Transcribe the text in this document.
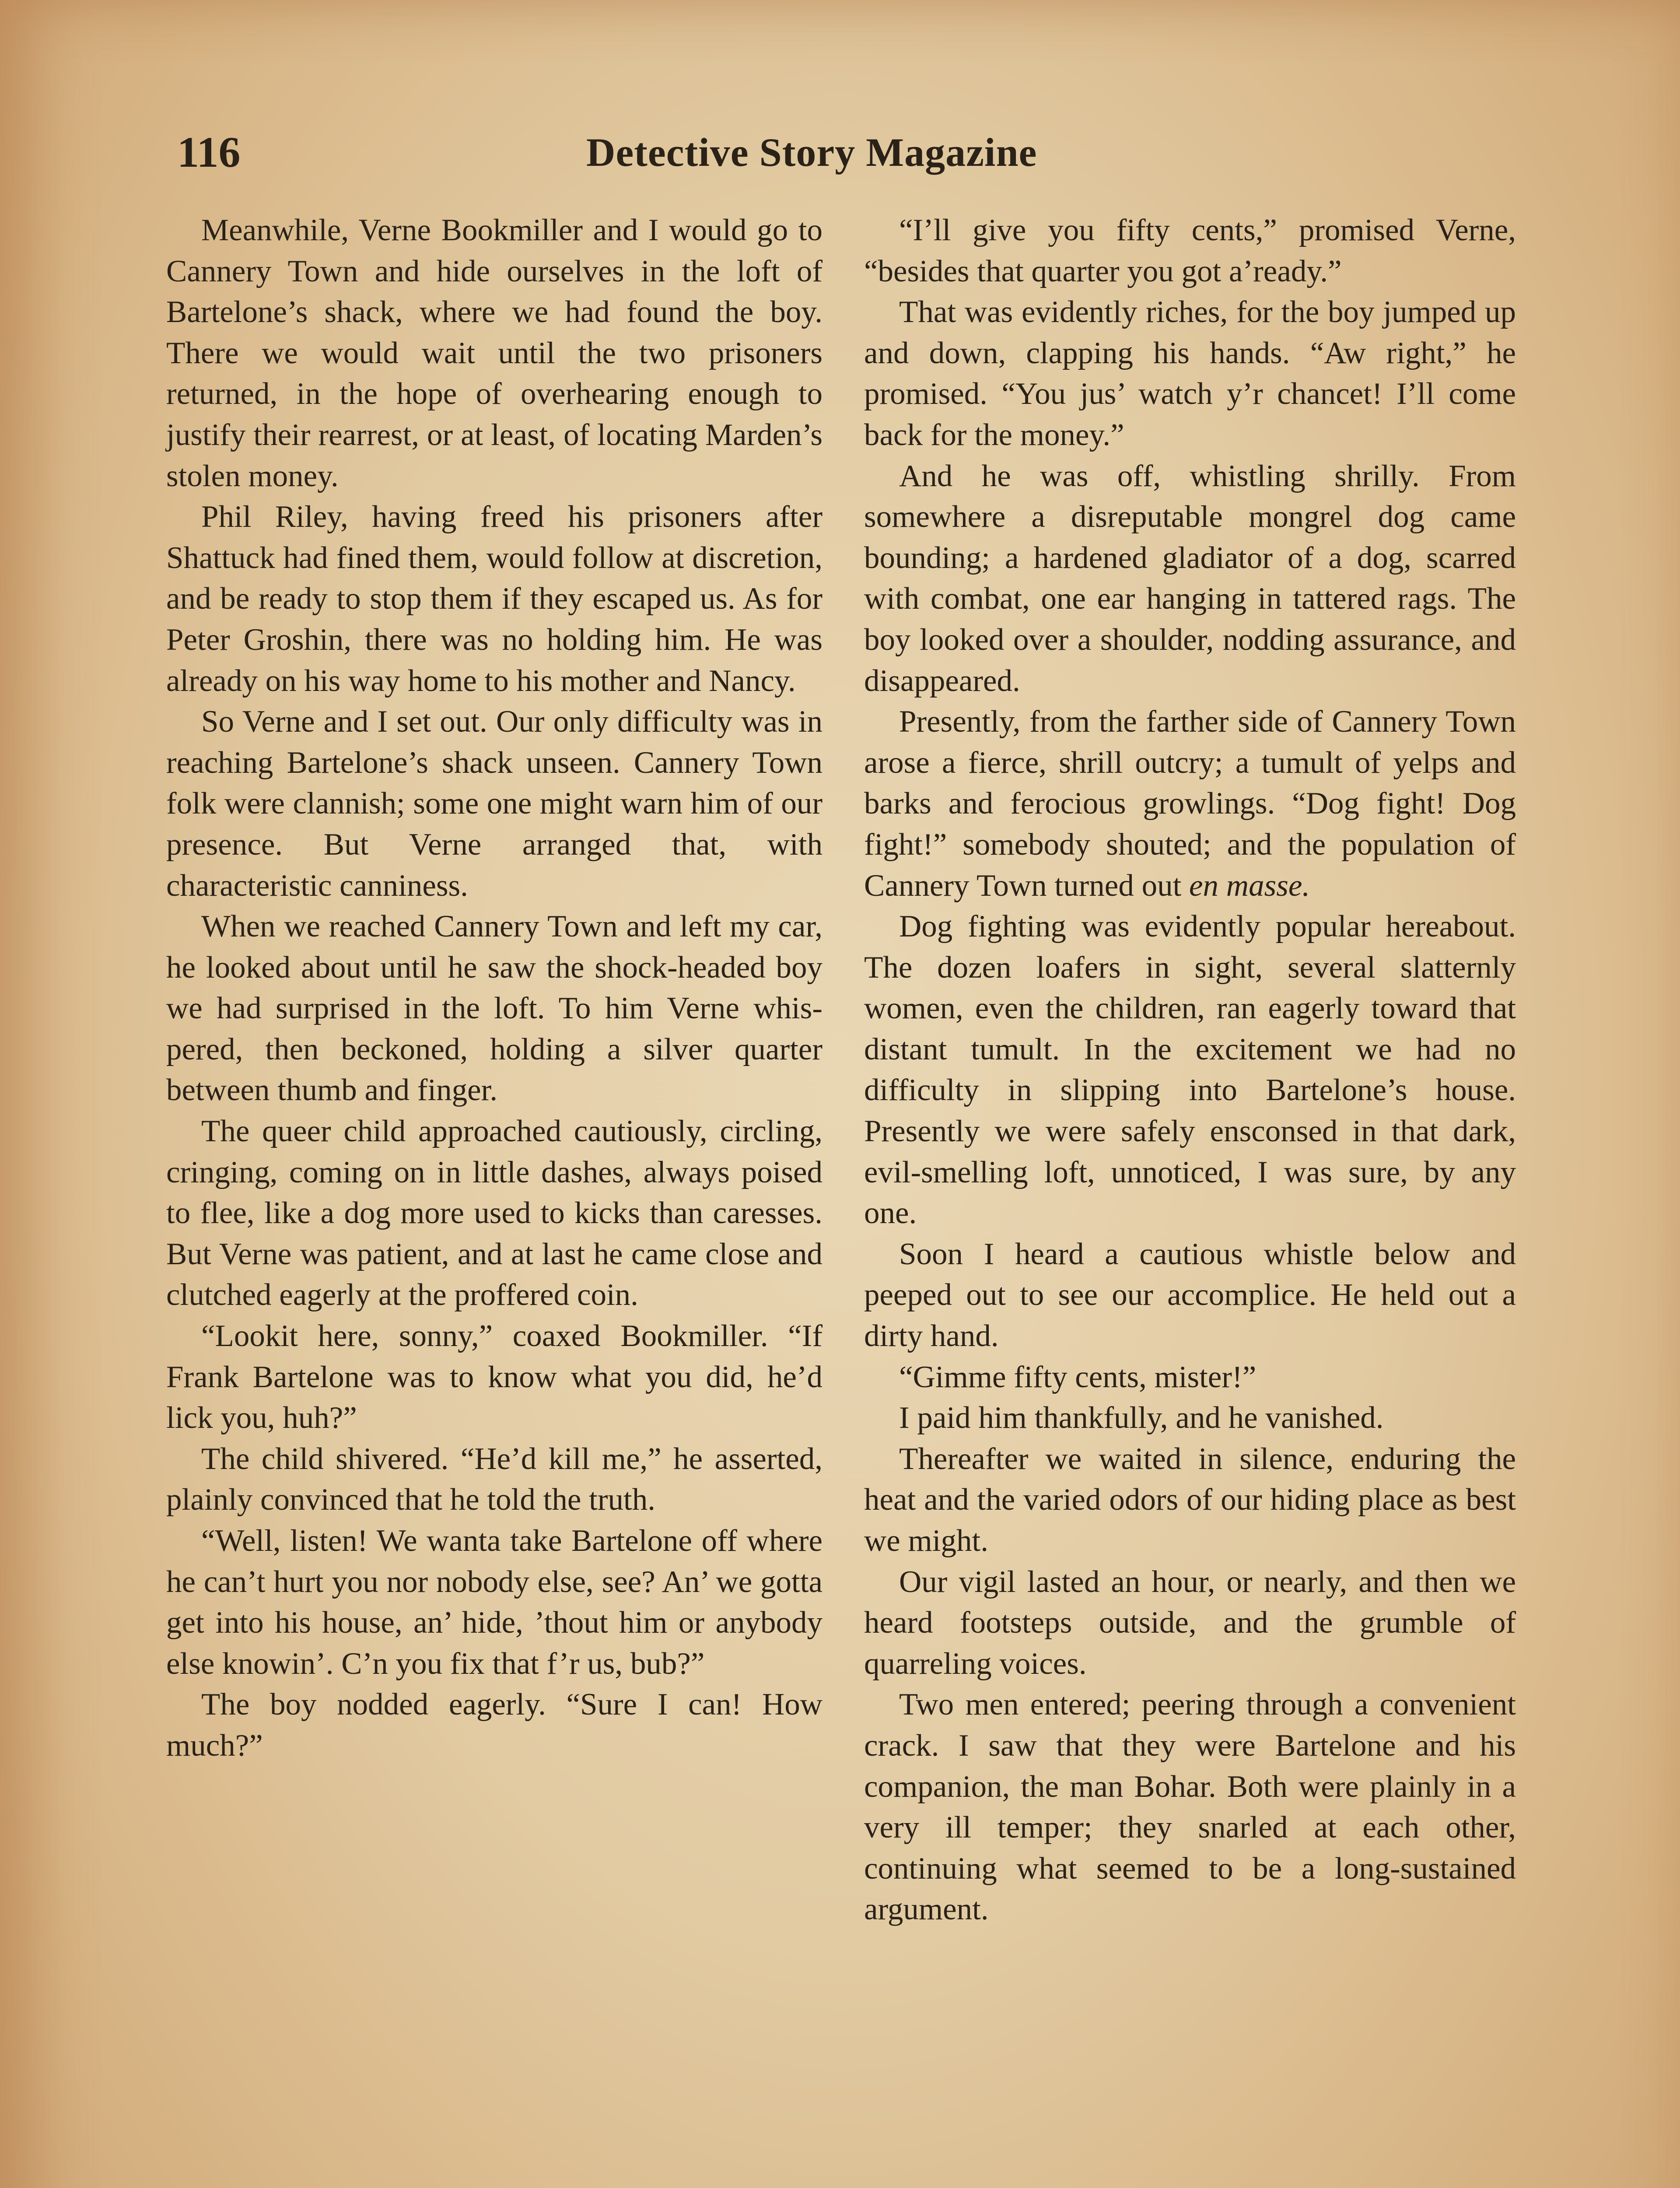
116	Detective Story Magazine

Meanwhile, Verne Bookmiller and I would go to Cannery Town and hide ourselves in the loft of Bartelone’s shack, where we had found the boy. There we would wait until the two prisoners returned, in the hope of overhearing enough to justify their rearrest, or at least, of locating Marden’s stolen money.

Phil Riley, having freed his prisoners after Shattuck had fined them, would follow at discretion, and be ready to stop them if they escaped us. As for Peter Groshin, there was no holding him. He was already on his way home to his mother and Nancy.

So Verne and I set out. Our only difficulty was in reaching Bartelone’s shack unseen. Cannery Town folk were clannish; some one might warn him of our presence. But Verne arranged that, with characteristic canniness.

When we reached Cannery Town and left my car, he looked about until he saw the shock-headed boy we had surprised in the loft. To him Verne whispered, then beckoned, holding a silver quarter between thumb and finger.

The queer child approached cautiously, circling, cringing, coming on in little dashes, always poised to flee, like a dog more used to kicks than caresses. But Verne was patient, and at last he came close and clutched eagerly at the proffered coin.

“Lookit here, sonny,” coaxed Bookmiller. “If Frank Bartelone was to know what you did, he’d lick you, huh?”

The child shivered. “He’d kill me,” he asserted, plainly convinced that he told the truth.

“Well, listen! We wanta take Bartelone off where he can’t hurt you nor nobody else, see? An’ we gotta get into his house, an’ hide, ’thout him or anybody else knowin’. C’n you fix that f’r us, bub?”

The boy nodded eagerly. “Sure I can! How much?”

“I’ll give you fifty cents,” promised Verne, “besides that quarter you got a’ready.”

That was evidently riches, for the boy jumped up and down, clapping his hands. “Aw right,” he promised. “You jus’ watch y’r chancet! I’ll come back for the money.”

And he was off, whistling shrilly. From somewhere a disreputable mongrel dog came bounding; a hardened gladiator of a dog, scarred with combat, one ear hanging in tattered rags. The boy looked over a shoulder, nodding assurance, and disappeared.

Presently, from the farther side of Cannery Town arose a fierce, shrill outcry; a tumult of yelps and barks and ferocious growlings. “Dog fight! Dog fight!” somebody shouted; and the population of Cannery Town turned out en masse.

Dog fighting was evidently popular hereabout. The dozen loafers in sight, several slatternly women, even the children, ran eagerly toward that distant tumult. In the excitement we had no difficulty in slipping into Bartelone’s house. Presently we were safely ensconsed in that dark, evil-smelling loft, unnoticed, I was sure, by any one.

Soon I heard a cautious whistle below and peeped out to see our accomplice. He held out a dirty hand.

“Gimme fifty cents, mister!”

I paid him thankfully, and he vanished.

Thereafter we waited in silence, enduring the heat and the varied odors of our hiding place as best we might.

Our vigil lasted an hour, or nearly, and then we heard footsteps outside, and the grumble of quarreling voices.

Two men entered; peering through a convenient crack. I saw that they were Bartelone and his companion, the man Bohar. Both were plainly in a very ill temper; they snarled at each other, continuing what seemed to be a long-sustained argument.
